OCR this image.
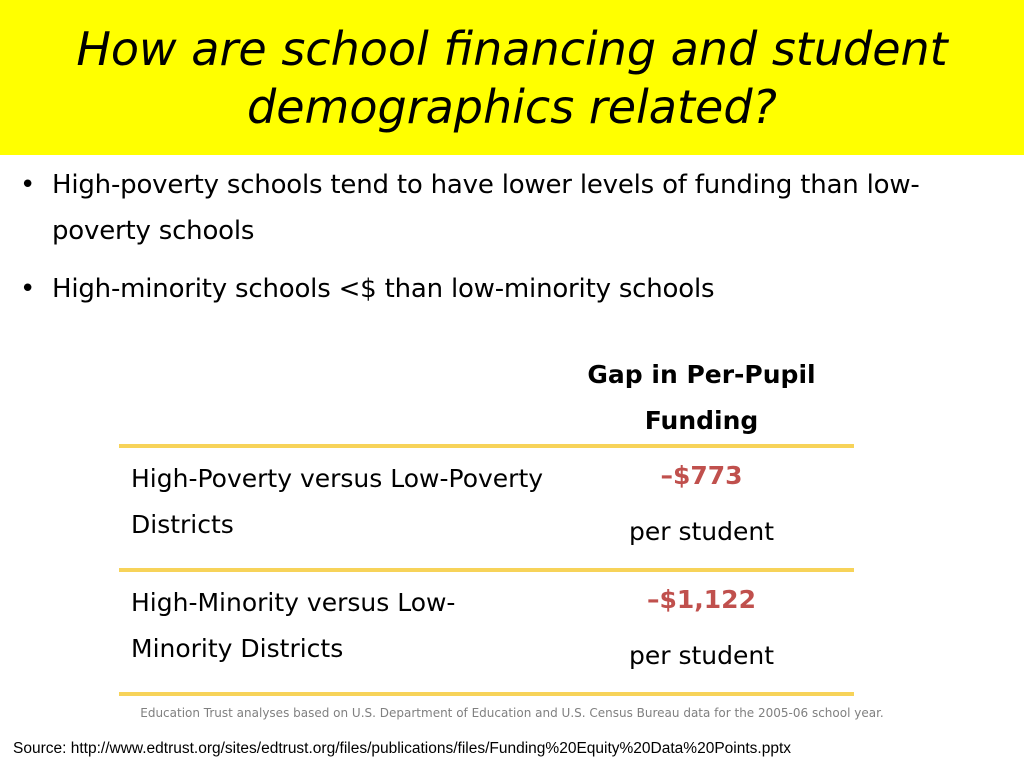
How are school financing and student demographics related?
• High-poverty schools tend to have lower levels of funding than low-poverty schools
• High-minority schools <$ than low-minority schools
	Gap in Per-Pupil Funding
High-Poverty versus Low-Poverty Districts	–$773
per student

High-Minority versus Low-Minority Districts	–$1,122
per student
Education Trust analyses based on U.S. Department of Education and U.S. Census Bureau data for the 2005-06 school year.
Source: http://www.edtrust.org/sites/edtrust.org/files/publications/files/Funding%20Equity%20Data%20Points.pptx
